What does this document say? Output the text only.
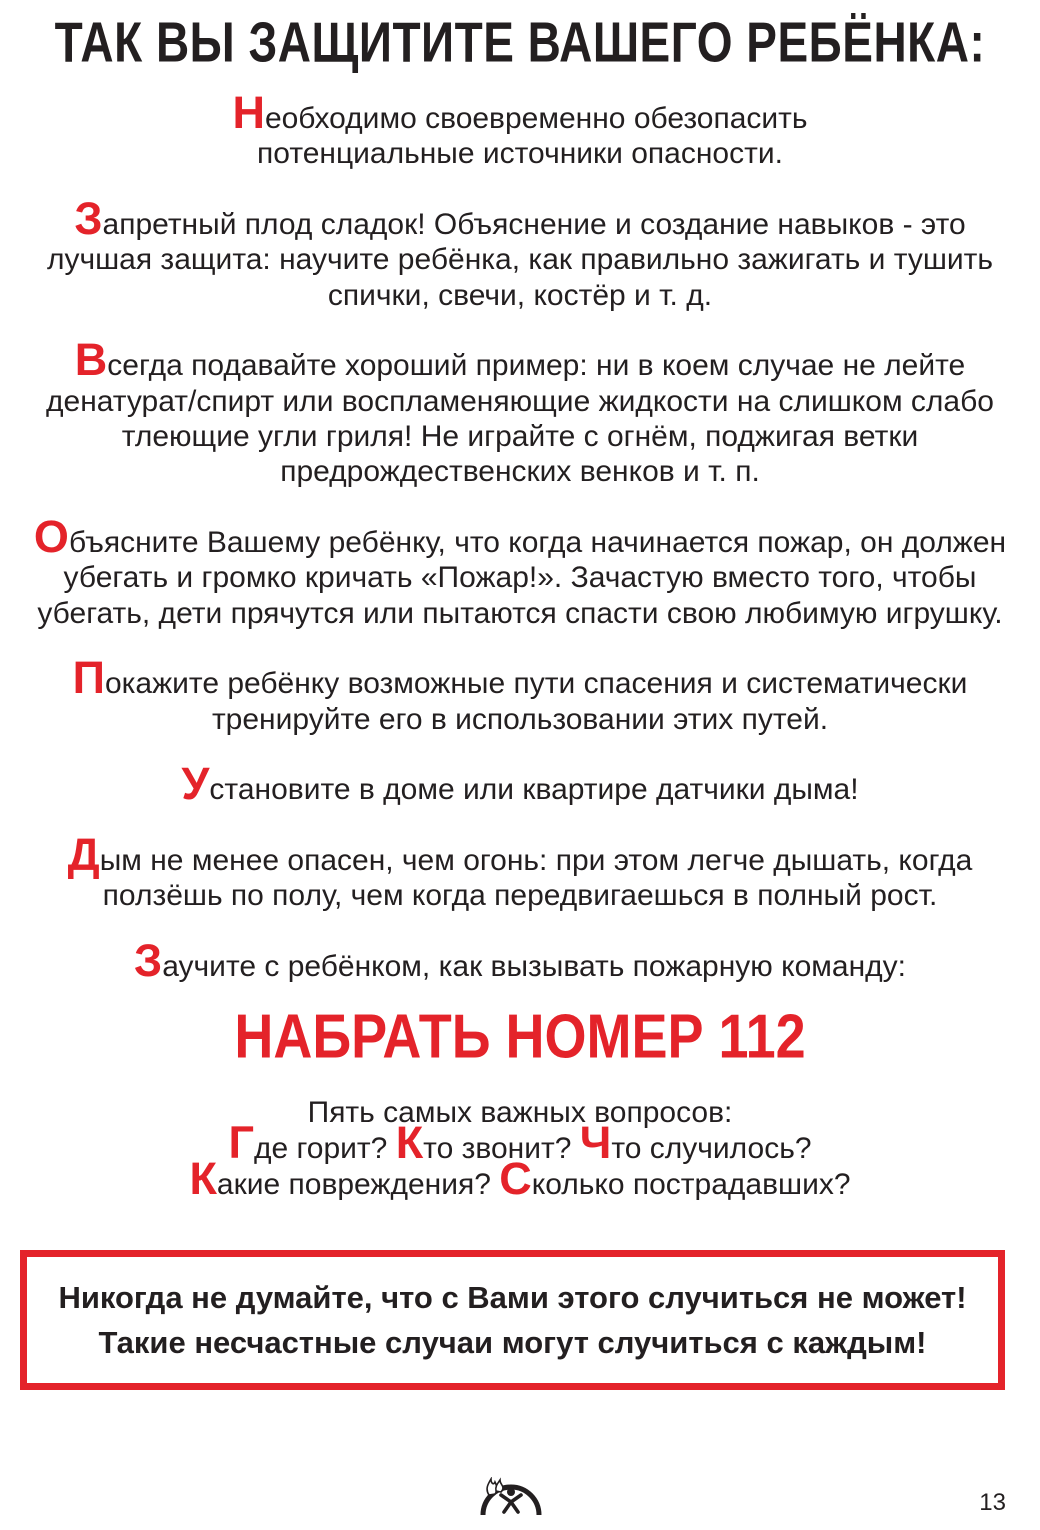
ТАК ВЫ ЗАЩИТИТЕ ВАШЕГО РЕБЁНКА:
Необходимо своевременно обезопасить
потенциальные источники опасности.
Запретный плод сладок! Объяснение и создание навыков - это
лучшая защита: научите ребёнка, как правильно зажигать и тушить
спички, свечи, костёр и т. д.
Всегда подавайте хороший пример: ни в коем случае не лейте
денатурат/спирт или воспламеняющие жидкости на слишком слабо
тлеющие угли гриля! Не играйте с огнём, поджигая ветки
предрождественских венков и т. п.
Объясните Вашему ребёнку, что когда начинается пожар, он должен
убегать и громко кричать «Пожар!». Зачастую вместо того, чтобы
убегать, дети прячутся или пытаются спасти свою любимую игрушку.
Покажите ребёнку возможные пути спасения и систематически
тренируйте его в использовании этих путей.
Установите в доме или квартире датчики дыма!
Дым не менее опасен, чем огонь: при этом легче дышать, когда
ползёшь по полу, чем когда передвигаешься в полный рост.
Заучите с ребёнком, как вызывать пожарную команду:
НАБРАТЬ НОМЕР 112
Пять самых важных вопросов:
Где горит? Кто звонит? Что случилось?
Какие повреждения? Сколько пострадавших?
Никогда не думайте, что с Вами этого случиться не может!
Такие несчастные случаи могут случиться с каждым!
13
